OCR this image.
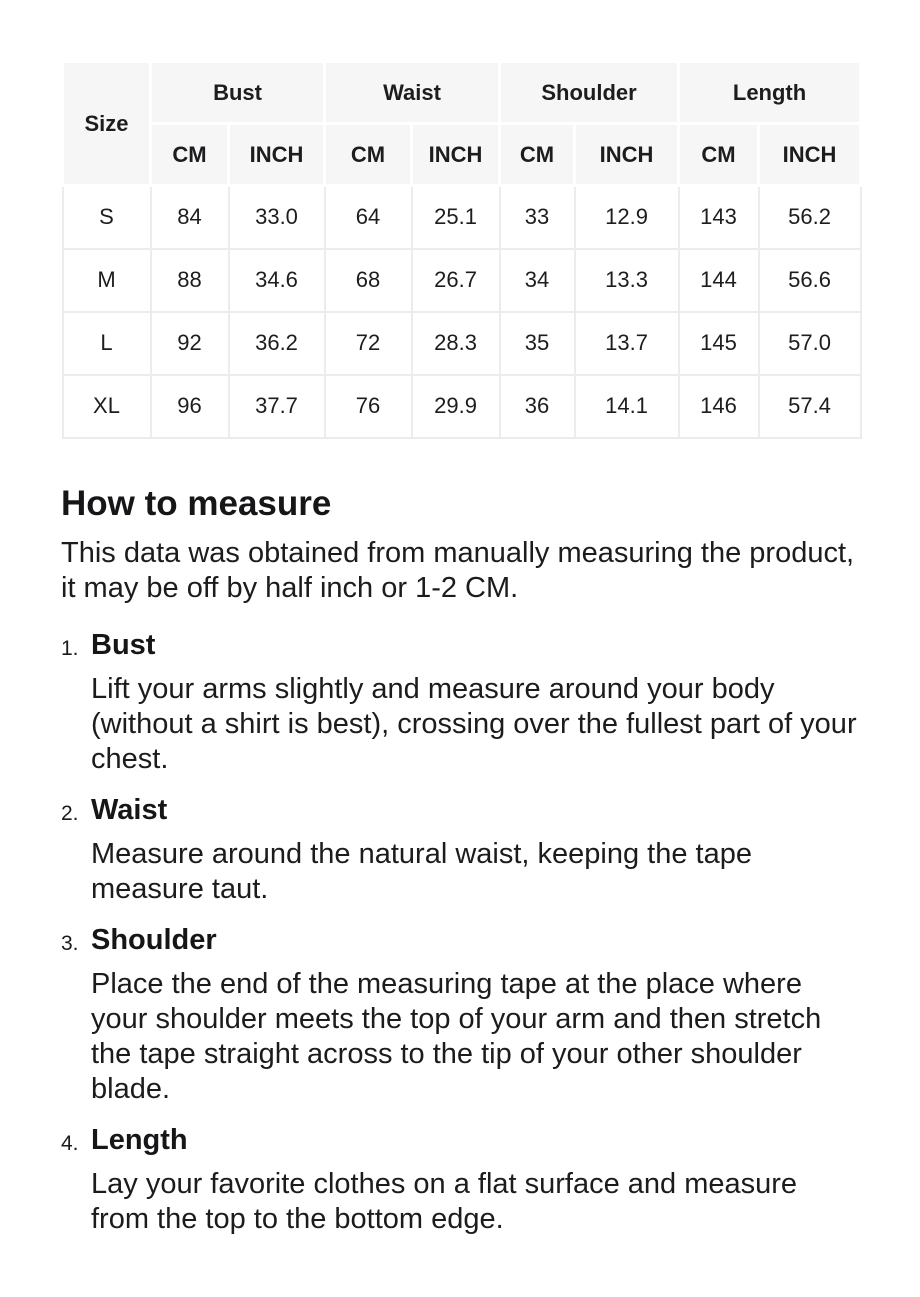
Size	Bust		Waist		Shoulder		Length	
	CM	INCH	CM	INCH	CM	INCH	CM	INCH
S	84	33.0	64	25.1	33	12.9	143	56.2
M	88	34.6	68	26.7	34	13.3	144	56.6
L	92	36.2	72	28.3	35	13.7	145	57.0
XL	96	37.7	76	29.9	36	14.1	146	57.4
How to measure

This data was obtained from manually measuring the product, it may be off by half inch or 1-2 CM.

1. Bust

Lift your arms slightly and measure around your body (without a shirt is best), crossing over the fullest part of your chest.

2. Waist

Measure around the natural waist, keeping the tape measure taut.

3. Shoulder

Place the end of the measuring tape at the place where your shoulder meets the top of your arm and then stretch the tape straight across to the tip of your other shoulder blade.

4. Length

Lay your favorite clothes on a flat surface and measure from the top to the bottom edge.
